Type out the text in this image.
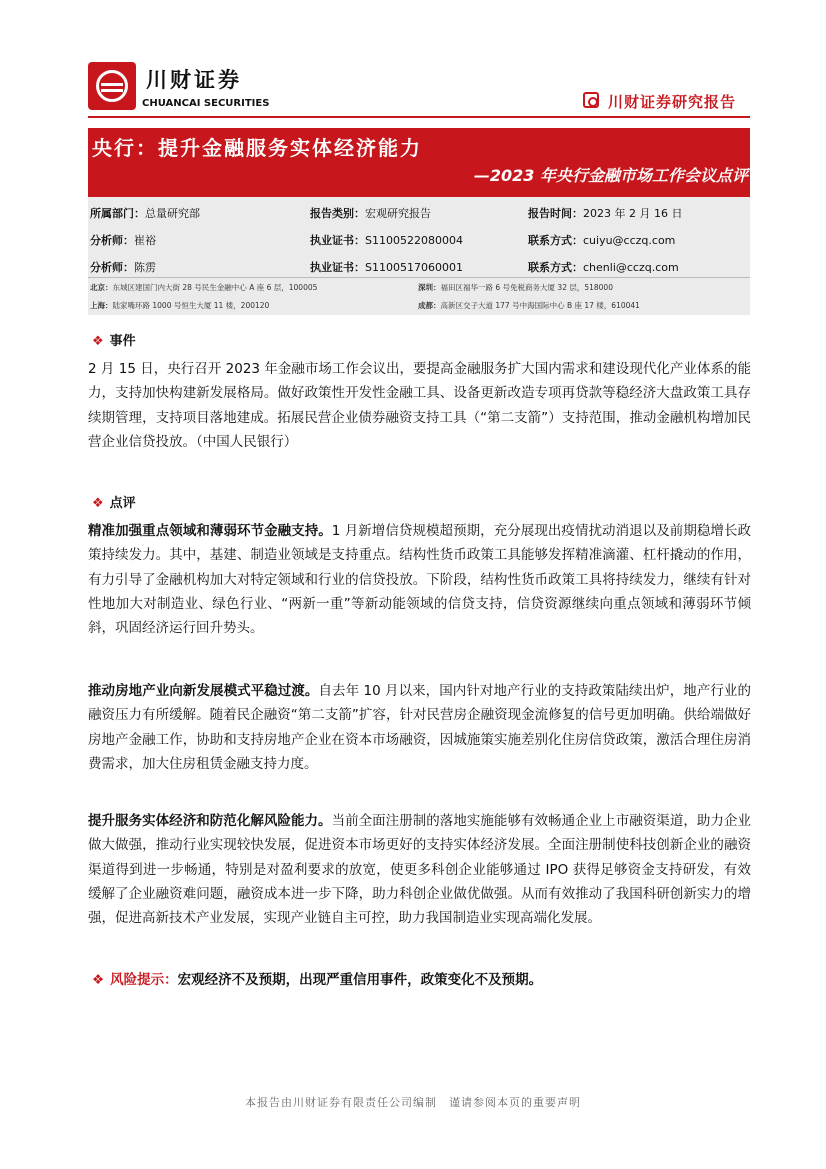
川财证券
CHUANCAI SECURITIES	川财证券研究报告
央行：提升金融服务实体经济能力
—2023 年央行金融市场工作会议点评
所属部门：总量研究部	报告类别：宏观研究报告	报告时间：2023 年 2 月 16 日
分析师：崔裕	执业证书：S1100522080004	联系方式：cuiyu@cczq.com
分析师：陈雳	执业证书：S1100517060001	联系方式：chenli@cczq.com
北京：东城区建国门内大街 28 号民生金融中心 A 座 6 层，100005	深圳：福田区福华一路 6 号免税商务大厦 32 层，518000
上海：陆家嘴环路 1000 号恒生大厦 11 楼，200120	成都：高新区交子大道 177 号中海国际中心 B 座 17 楼，610041
❖ 事件
2 月 15 日，央行召开 2023 年金融市场工作会议出，要提高金融服务扩大国内需求和建设现代化产业体系的能力，支持加快构建新发展格局。做好政策性开发性金融工具、设备更新改造专项再贷款等稳经济大盘政策工具存续期管理，支持项目落地建成。拓展民营企业债券融资支持工具（“第二支箭”）支持范围，推动金融机构增加民营企业信贷投放。（中国人民银行）
❖ 点评
精准加强重点领域和薄弱环节金融支持。1 月新增信贷规模超预期，充分展现出疫情扰动消退以及前期稳增长政策持续发力。其中，基建、制造业领域是支持重点。结构性货币政策工具能够发挥精准滴灌、杠杆撬动的作用，有力引导了金融机构加大对特定领域和行业的信贷投放。下阶段，结构性货币政策工具将持续发力，继续有针对性地加大对制造业、绿色行业、“两新一重”等新动能领域的信贷支持，信贷资源继续向重点领域和薄弱环节倾斜，巩固经济运行回升势头。
推动房地产业向新发展模式平稳过渡。自去年 10 月以来，国内针对地产行业的支持政策陆续出炉，地产行业的融资压力有所缓解。随着民企融资“第二支箭”扩容，针对民营房企融资现金流修复的信号更加明确。供给端做好房地产金融工作，协助和支持房地产企业在资本市场融资，因城施策实施差别化住房信贷政策，激活合理住房消费需求，加大住房租赁金融支持力度。
提升服务实体经济和防范化解风险能力。当前全面注册制的落地实施能够有效畅通企业上市融资渠道，助力企业做大做强，推动行业实现较快发展，促进资本市场更好的支持实体经济发展。全面注册制使科技创新企业的融资渠道得到进一步畅通，特别是对盈利要求的放宽，使更多科创企业能够通过 IPO 获得足够资金支持研发，有效缓解了企业融资难问题，融资成本进一步下降，助力科创企业做优做强。从而有效推动了我国科研创新实力的增强，促进高新技术产业发展，实现产业链自主可控，助力我国制造业实现高端化发展。
❖ 风险提示：宏观经济不及预期，出现严重信用事件，政策变化不及预期。
本报告由川财证券有限责任公司编制　谨请参阅本页的重要声明
